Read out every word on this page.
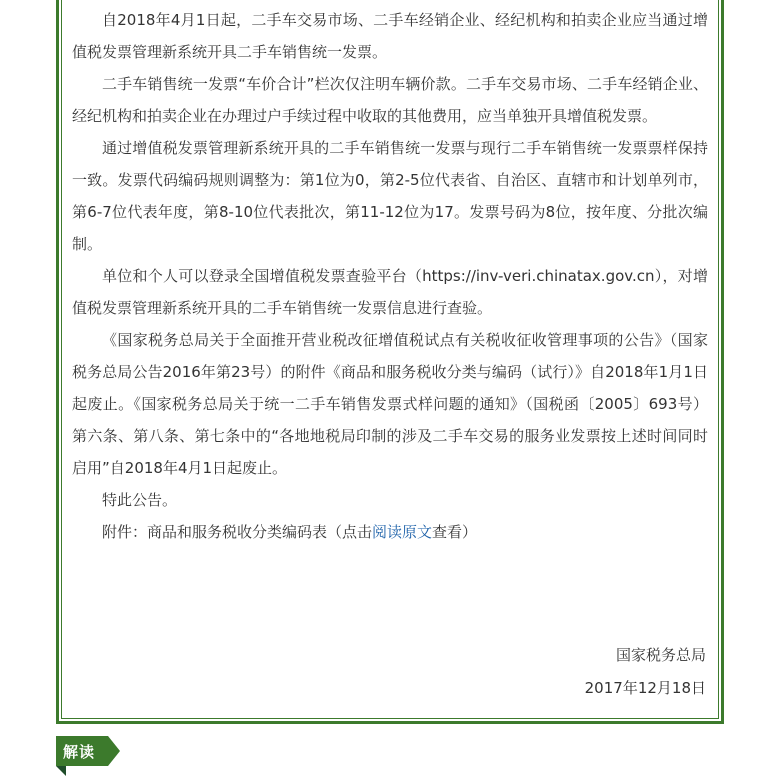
自2018年4月1日起，二手车交易市场、二手车经销企业、经纪机构和拍卖企业应当通过增值税发票管理新系统开具二手车销售统一发票。

二手车销售统一发票“车价合计”栏次仅注明车辆价款。二手车交易市场、二手车经销企业、经纪机构和拍卖企业在办理过户手续过程中收取的其他费用，应当单独开具增值税发票。

通过增值税发票管理新系统开具的二手车销售统一发票与现行二手车销售统一发票票样保持一致。发票代码编码规则调整为：第1位为0，第2-5位代表省、自治区、直辖市和计划单列市，第6-7位代表年度，第8-10位代表批次，第11-12位为17。发票号码为8位，按年度、分批次编制。

单位和个人可以登录全国增值税发票查验平台（https://inv-veri.chinatax.gov.cn），对增值税发票管理新系统开具的二手车销售统一发票信息进行查验。

《国家税务总局关于全面推开营业税改征增值税试点有关税收征收管理事项的公告》（国家税务总局公告2016年第23号）的附件《商品和服务税收分类与编码（试行）》自2018年1月1日起废止。《国家税务总局关于统一二手车销售发票式样问题的通知》（国税函〔2005〕693号）第六条、第八条、第七条中的“各地地税局印制的涉及二手车交易的服务业发票按上述时间同时启用”自2018年4月1日起废止。

特此公告。

附件：商品和服务税收分类编码表（点击阅读原文查看）

国家税务总局
2017年12月18日
解读
